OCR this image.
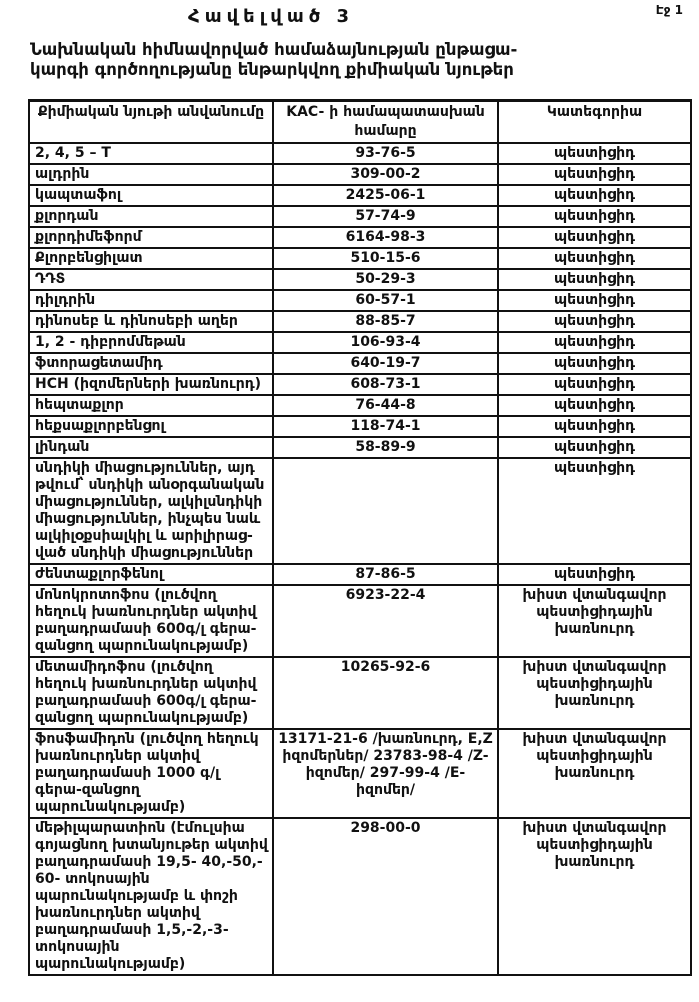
Էջ 1
Հավելված 3
Նախնական հիմնավորված համաձայնության ընթացա-
կարգի գործողությանը ենթարկվող քիմիական նյութեր
Քիմիական նյութի անվանումը	KAC- ի համապատասխան համարը	Կատեգորիա
2, 4, 5 – T	93-76-5	պեստիցիդ
ալդրին	309-00-2	պեստիցիդ
կապտաֆոլ	2425-06-1	պեստիցիդ
քլորդան	57-74-9	պեստիցիդ
քլորդիմեֆորմ	6164-98-3	պեստիցիդ
Քլորբենցիլատ	510-15-6	պեստիցիդ
ԴԴՏ	50-29-3	պեստիցիդ
դիլդրին	60-57-1	պեստիցիդ
դինոսեբ և դինոսեբի աղեր	88-85-7	պեստիցիդ
1, 2 - դիբրոմմեթան	106-93-4	պեստիցիդ
ֆտորացետամիդ	640-19-7	պեստիցիդ
HCH (իզոմերների խառնուրդ)	608-73-1	պեստիցիդ
հեպտաքլոր	76-44-8	պեստիցիդ
հեքսաքլորբենցոլ	118-74-1	պեստիցիդ
լինդան	58-89-9	պեստիցիդ
սնդիկի միացություններ, այդ թվում՝ սնդիկի անօրգանական միացություններ, ալկիլսնդիկի միացություններ, ինչպես նաև ալկիլօքսիալկիլ և արիլիրաց-ված սնդիկի միացություններ		պեստիցիդ
ժենտաքլորֆենոլ	87-86-5	պեստիցիդ
մոնոկրոտոֆոս (լուծվող հեղուկ խառնուրդներ ակտիվ բաղադրամասի 600գ/լ գերա-զանցող պարունակությամբ)	6923-22-4	խիստ վտանգավոր պեստիցիդային խառնուրդ
մետամիդոֆոս (լուծվող հեղուկ խառնուրդներ ակտիվ բաղադրամասի 600գ/լ գերա-զանցող պարունակությամբ)	10265-92-6	խիստ վտանգավոր պեստիցիդային խառնուրդ
ֆոսֆամիդոն (լուծվող հեղուկ խառնուրդներ ակտիվ բաղադրամասի 1000 գ/լ գերա-զանցող պարունակությամբ)	13171-21-6 /խառնուրդ, E,Z իզոմերներ/ 23783-98-4 /Z- իզոմեր/ 297-99-4 /E- իզոմեր/	խիստ վտանգավոր պեստիցիդային խառնուրդ
մեթիլպարատիոն (էմուլսիա գոյացնող խտանյութեր ակտիվ բաղադրամասի 19,5- 40,-50,- 60- տոկոսային պարունակությամբ և փոշի խառնուրդներ ակտիվ բաղադրամասի 1,5,-2,-3- տոկոսային պարունակությամբ)	298-00-0	խիստ վտանգավոր պեստիցիդային խառնուրդ
